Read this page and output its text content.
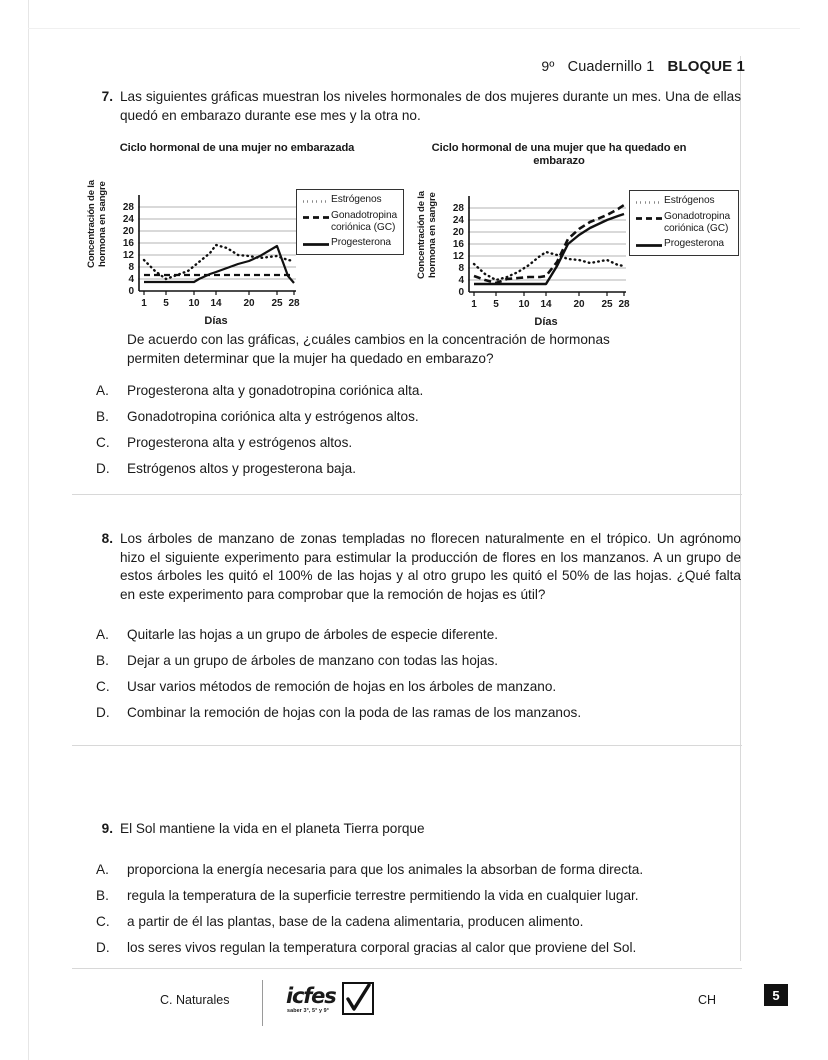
9º Cuadernillo 1 BLOQUE 1
7. Las siguientes gráficas muestran los niveles hormonales de dos mujeres durante un mes. Una de ellas quedó en embarazo durante ese mes y la otra no.
Ciclo hormonal de una mujer no embarazada
Concentración de la hormona en sangre	28
24
20
16
12
8
4
0
1	5	10	14	20	25 28
Días
Estrógenos
Gonadotropina coriónica (GC)
Progesterona
Ciclo hormonal de una mujer que ha quedado en embarazo
Concentración de la hormona en sangre	28
24
20
16
12
8
4
0
1	5	10	14	20	25 28
Días
Estrógenos
Gonadotropina coriónica (GC)
Progesterona
De acuerdo con las gráficas, ¿cuáles cambios en la concentración de hormonas permiten determinar que la mujer ha quedado en embarazo?
A.	Progesterona alta y gonadotropina coriónica alta.
B.	Gonadotropina coriónica alta y estrógenos altos.
C.	Progesterona alta y estrógenos altos.
D.	Estrógenos altos y progesterona baja.
8. Los árboles de manzano de zonas templadas no florecen naturalmente en el trópico. Un agrónomo hizo el siguiente experimento para estimular la producción de flores en los manzanos. A un grupo de estos árboles les quitó el 100% de las hojas y al otro grupo les quitó el 50% de las hojas. ¿Qué falta en este experimento para comprobar que la remoción de hojas es útil?
A.	Quitarle las hojas a un grupo de árboles de especie diferente.
B.	Dejar a un grupo de árboles de manzano con todas las hojas.
C.	Usar varios métodos de remoción de hojas en los árboles de manzano.
D.	Combinar la remoción de hojas con la poda de las ramas de los manzanos.
9. El Sol mantiene la vida en el planeta Tierra porque
A.	proporciona la energía necesaria para que los animales la absorban de forma directa.
B.	regula la temperatura de la superficie terrestre permitiendo la vida en cualquier lugar.
C.	a partir de él las plantas, base de la cadena alimentaria, producen alimento.
D.	los seres vivos regulan la temperatura corporal gracias al calor que proviene del Sol.
C. Naturales	icfes
saber 3°, 5° y 9°
CH	5
